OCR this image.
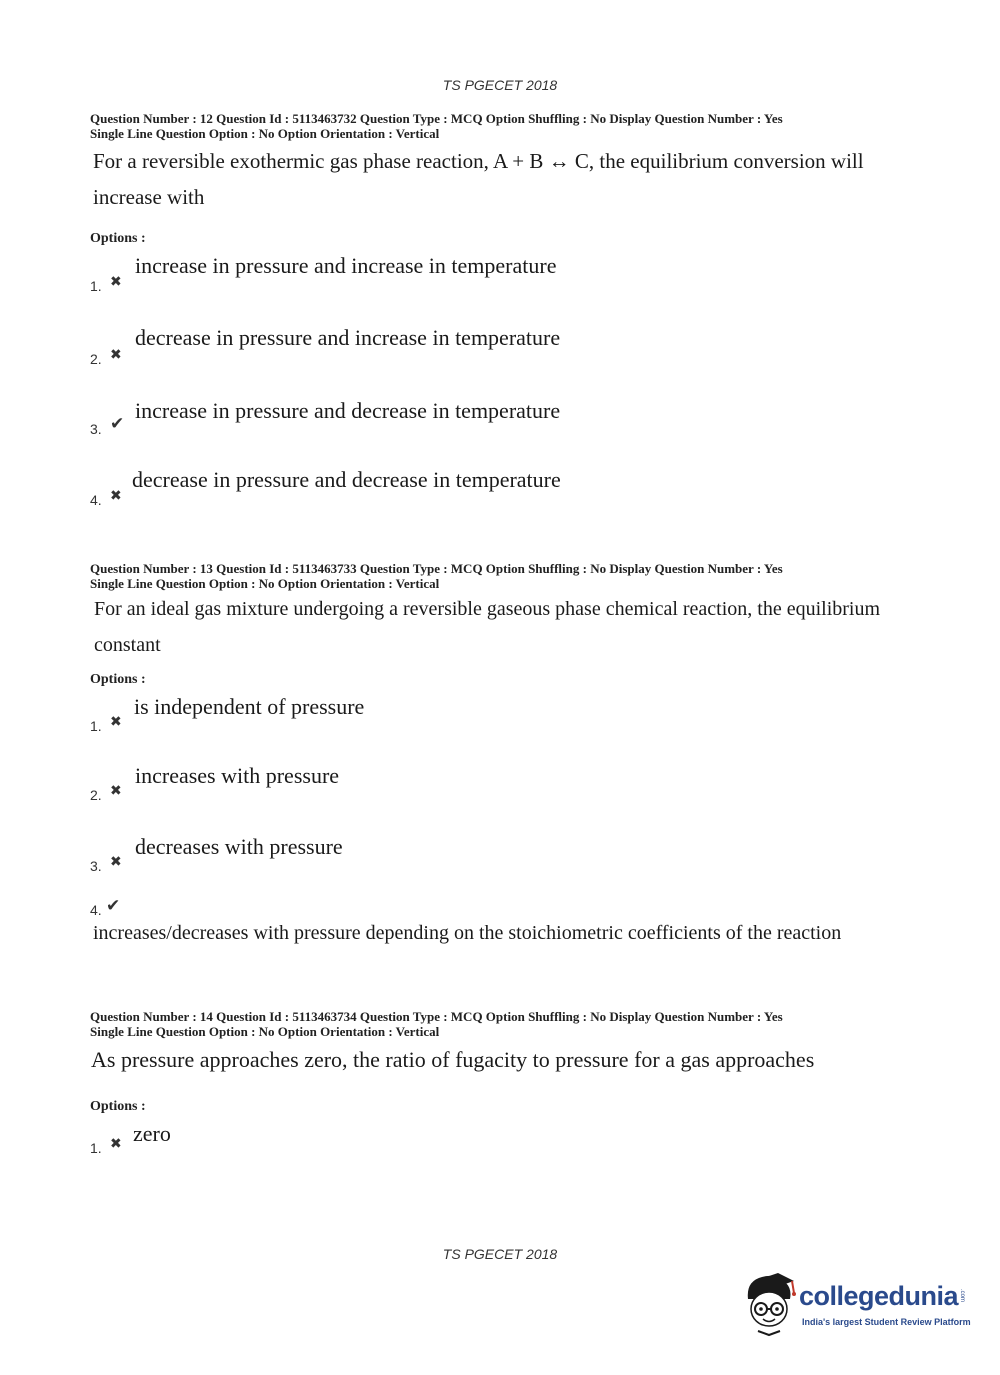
TS PGECET 2018
Question Number : 12 Question Id : 5113463732 Question Type : MCQ Option Shuffling : No Display Question Number : Yes
Single Line Question Option : No Option Orientation : Vertical
For a reversible exothermic gas phase reaction, A + B ↔ C, the equilibrium conversion will
increase with
Options :
1. ✖
increase in pressure and increase in temperature
2. ✖
decrease in pressure and increase in temperature
3. ✔
increase in pressure and decrease in temperature
4. ✖
decrease in pressure and decrease in temperature
Question Number : 13 Question Id : 5113463733 Question Type : MCQ Option Shuffling : No Display Question Number : Yes
Single Line Question Option : No Option Orientation : Vertical
For an ideal gas mixture undergoing a reversible gaseous phase chemical reaction, the equilibrium
constant
Options :
1. ✖
is independent of pressure
2. ✖
increases with pressure
3. ✖
decreases with pressure
4. ✔
increases/decreases with pressure depending on the stoichiometric coefficients of the reaction
Question Number : 14 Question Id : 5113463734 Question Type : MCQ Option Shuffling : No Display Question Number : Yes
Single Line Question Option : No Option Orientation : Vertical
As pressure approaches zero, the ratio of fugacity to pressure for a gas approaches
Options :
1. ✖ zero
TS PGECET 2018
collegedunia .com
India's largest Student Review Platform
